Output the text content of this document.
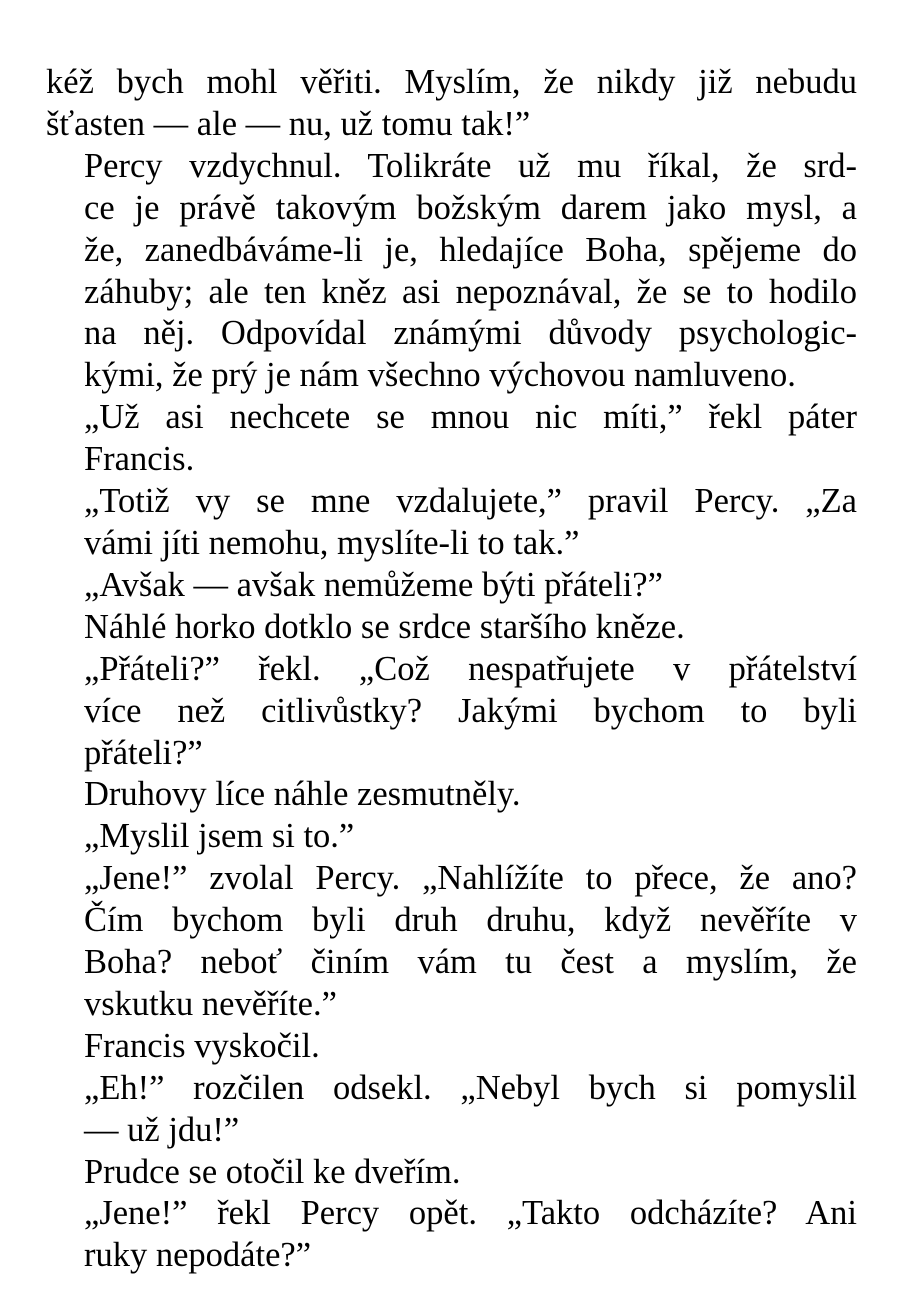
kéž bych mohl věřiti. Myslím, že nikdy již nebudu
šťasten — ale — nu, už tomu tak!”

Percy vzdychnul. Tolikráte už mu říkal, že srd-
ce je právě takovým božským darem jako mysl, a
že, zanedbáváme-li je, hledajíce Boha, spějeme do
záhuby; ale ten kněz asi nepoznával, že se to hodilo
na něj. Odpovídal známými důvody psychologic-
kými, že prý je nám všechno výchovou namluveno.

„Už asi nechcete se mnou nic míti,” řekl páter
Francis.

„Totiž vy se mne vzdalujete,” pravil Percy. „Za
vámi jíti nemohu, myslíte-li to tak.”

„Avšak — avšak nemůžeme býti přáteli?”

Náhlé horko dotklo se srdce staršího kněze.

„Přáteli?” řekl. „Což nespatřujete v přátelství
více než citlivůstky? Jakými bychom to byli
přáteli?”

Druhovy líce náhle zesmutněly.

„Myslil jsem si to.”

„Jene!” zvolal Percy. „Nahlížíte to přece, že ano?
Čím bychom byli druh druhu, když nevěříte v
Boha? neboť činím vám tu čest a myslím, že
vskutku nevěříte.”

Francis vyskočil.

„Eh!” rozčilen odsekl. „Nebyl bych si pomyslil
— už jdu!”

Prudce se otočil ke dveřím.

„Jene!” řekl Percy opět. „Takto odcházíte? Ani
ruky nepodáte?”
